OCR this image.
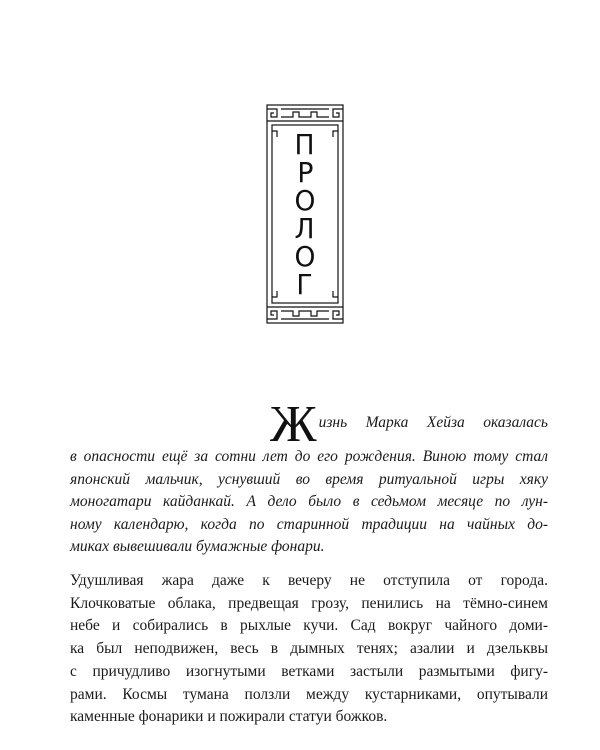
П
Р
О
Л
О
Г
Ж изнь Марка Хейза оказалась
в опасности ещё за сотни лет до его рождения. Виною тому стал
японский мальчик, уснувший во время ритуальной игры хяку
моногатари кайданкай. А дело было в седьмом месяце по лун-
ному календарю, когда по старинной традиции на чайных до-
миках вывешивали бумажные фонари.
Удушливая жара даже к вечеру не отступила от города.
Клочковатые облака, предвещая грозу, пенились на тёмно-синем
небе и собирались в рыхлые кучи. Сад вокруг чайного доми-
ка был неподвижен, весь в дымных тенях; азалии и дзельквы
с причудливо изогнутыми ветками застыли размытыми фигу-
рами. Космы тумана ползли между кустарниками, опутывали
каменные фонарики и пожирали статуи божков.
